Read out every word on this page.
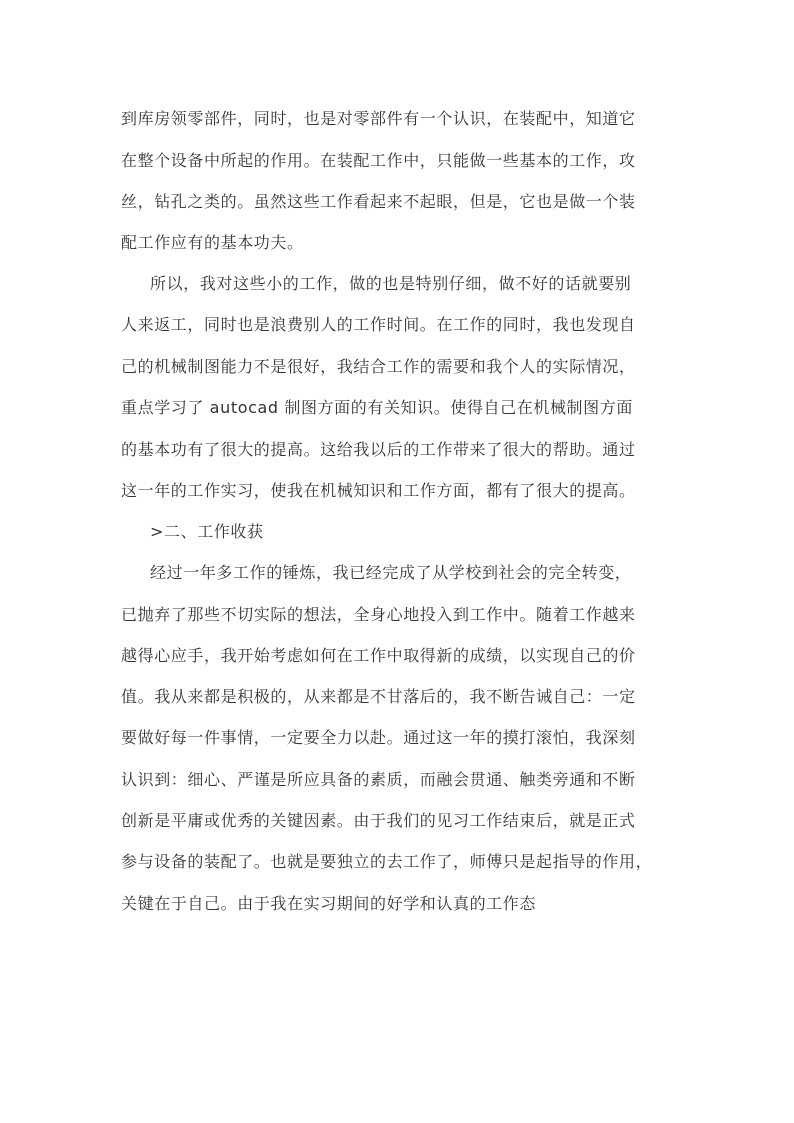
到库房领零部件，同时，也是对零部件有一个认识，在装配中，知道它
在整个设备中所起的作用。在装配工作中，只能做一些基本的工作，攻
丝，钻孔之类的。虽然这些工作看起来不起眼，但是，它也是做一个装
配工作应有的基本功夫。
所以，我对这些小的工作，做的也是特别仔细，做不好的话就要别
人来返工，同时也是浪费别人的工作时间。在工作的同时，我也发现自
己的机械制图能力不是很好，我结合工作的需要和我个人的实际情况，
重点学习了 autocad 制图方面的有关知识。使得自己在机械制图方面
的基本功有了很大的提高。这给我以后的工作带来了很大的帮助。通过
这一年的工作实习，使我在机械知识和工作方面，都有了很大的提高。
>二、工作收获
经过一年多工作的锤炼，我已经完成了从学校到社会的完全转变，
已抛弃了那些不切实际的想法，全身心地投入到工作中。随着工作越来
越得心应手，我开始考虑如何在工作中取得新的成绩，以实现自己的价
值。我从来都是积极的，从来都是不甘落后的，我不断告诫自己：一定
要做好每一件事情，一定要全力以赴。通过这一年的摸打滚怕，我深刻
认识到：细心、严谨是所应具备的素质，而融会贯通、触类旁通和不断
创新是平庸或优秀的关键因素。由于我们的见习工作结束后，就是正式
参与设备的装配了。也就是要独立的去工作了，师傅只是起指导的作用，
关键在于自己。由于我在实习期间的好学和认真的工作态
